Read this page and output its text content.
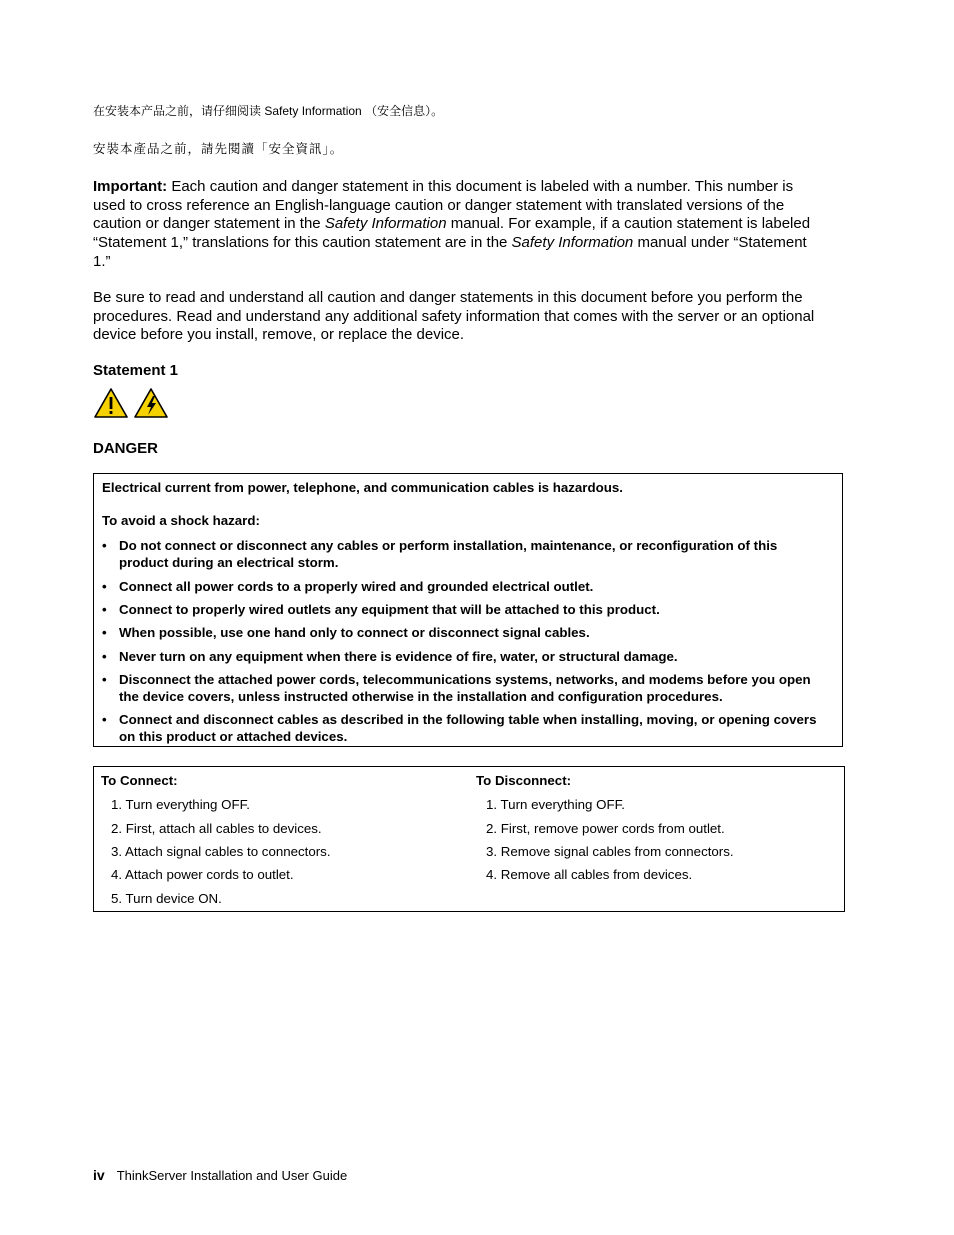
在安装本产品之前，请仔细阅读 Safety Information （安全信息）。
安裝本產品之前，請先閱讀「安全資訊」。
Important: Each caution and danger statement in this document is labeled with a number. This number is used to cross reference an English-language caution or danger statement with translated versions of the caution or danger statement in the Safety Information manual. For example, if a caution statement is labeled “Statement 1,” translations for this caution statement are in the Safety Information manual under “Statement 1.”
Be sure to read and understand all caution and danger statements in this document before you perform the procedures. Read and understand any additional safety information that comes with the server or an optional device before you install, remove, or replace the device.
Statement 1
DANGER
Electrical current from power, telephone, and communication cables is hazardous.
To avoid a shock hazard:
• Do not connect or disconnect any cables or perform installation, maintenance, or reconfiguration of this product during an electrical storm.
• Connect all power cords to a properly wired and grounded electrical outlet.
• Connect to properly wired outlets any equipment that will be attached to this product.
• When possible, use one hand only to connect or disconnect signal cables.
• Never turn on any equipment when there is evidence of fire, water, or structural damage.
• Disconnect the attached power cords, telecommunications systems, networks, and modems before you open the device covers, unless instructed otherwise in the installation and configuration procedures.
• Connect and disconnect cables as described in the following table when installing, moving, or opening covers on this product or attached devices.
To Connect:
1. Turn everything OFF.
2. First, attach all cables to devices.
3. Attach signal cables to connectors.
4. Attach power cords to outlet.
5. Turn device ON.
To Disconnect:
1. Turn everything OFF.
2. First, remove power cords from outlet.
3. Remove signal cables from connectors.
4. Remove all cables from devices.
iv ThinkServer Installation and User Guide
